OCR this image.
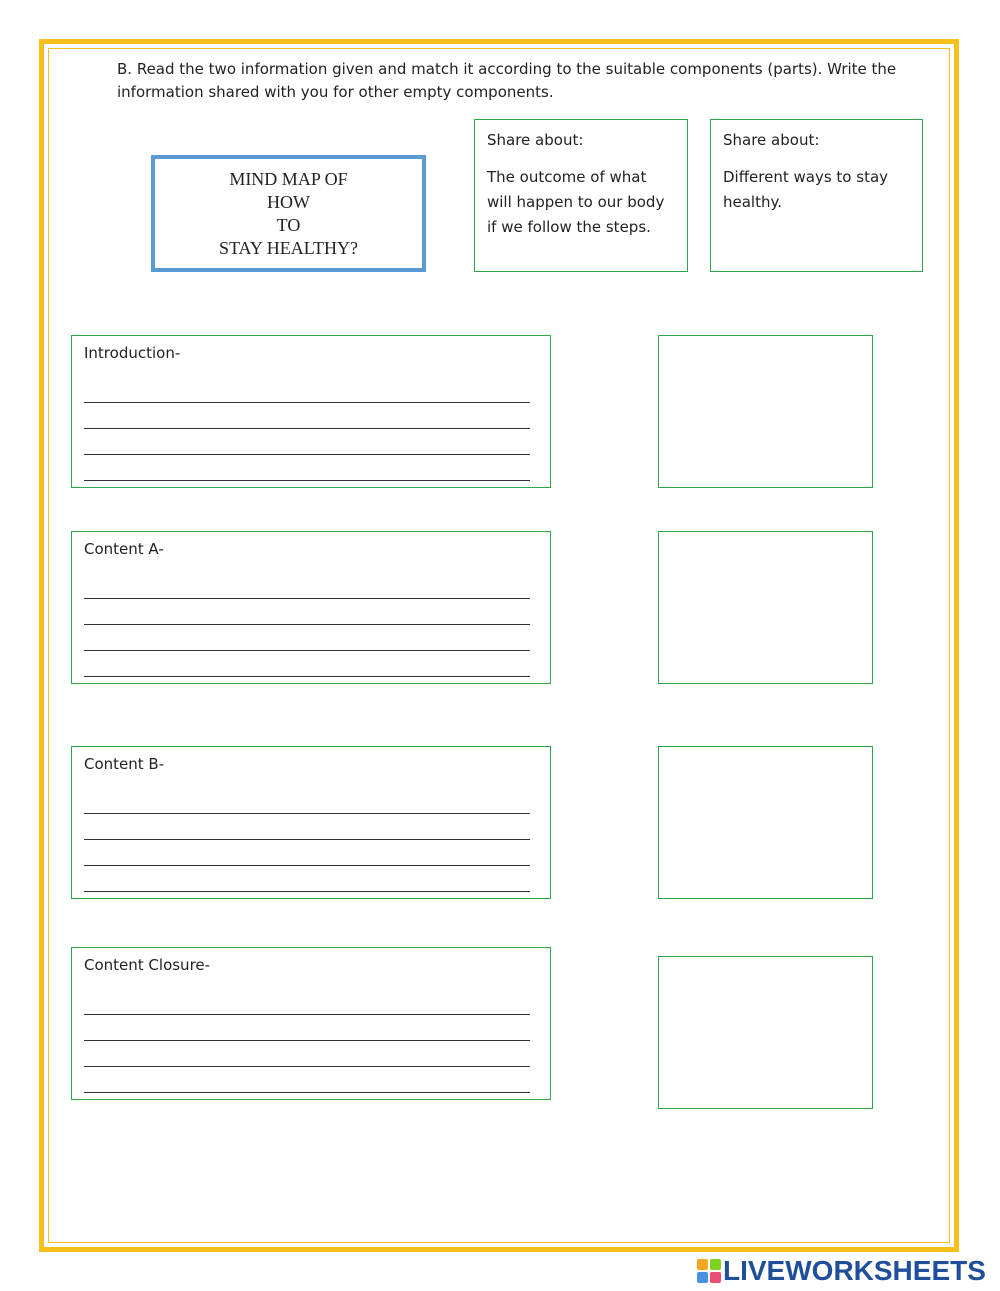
B. Read the two information given and match it according to the suitable components (parts). Write the information shared with you for other empty components.

MIND MAP OF
HOW
TO
STAY HEALTHY?

Share about:

The outcome of what will happen to our body if we follow the steps.

Share about:

Different ways to stay healthy.

Introduction-

Content A-

Content B-

Content Closure-

LIVEWORKSHEETS
